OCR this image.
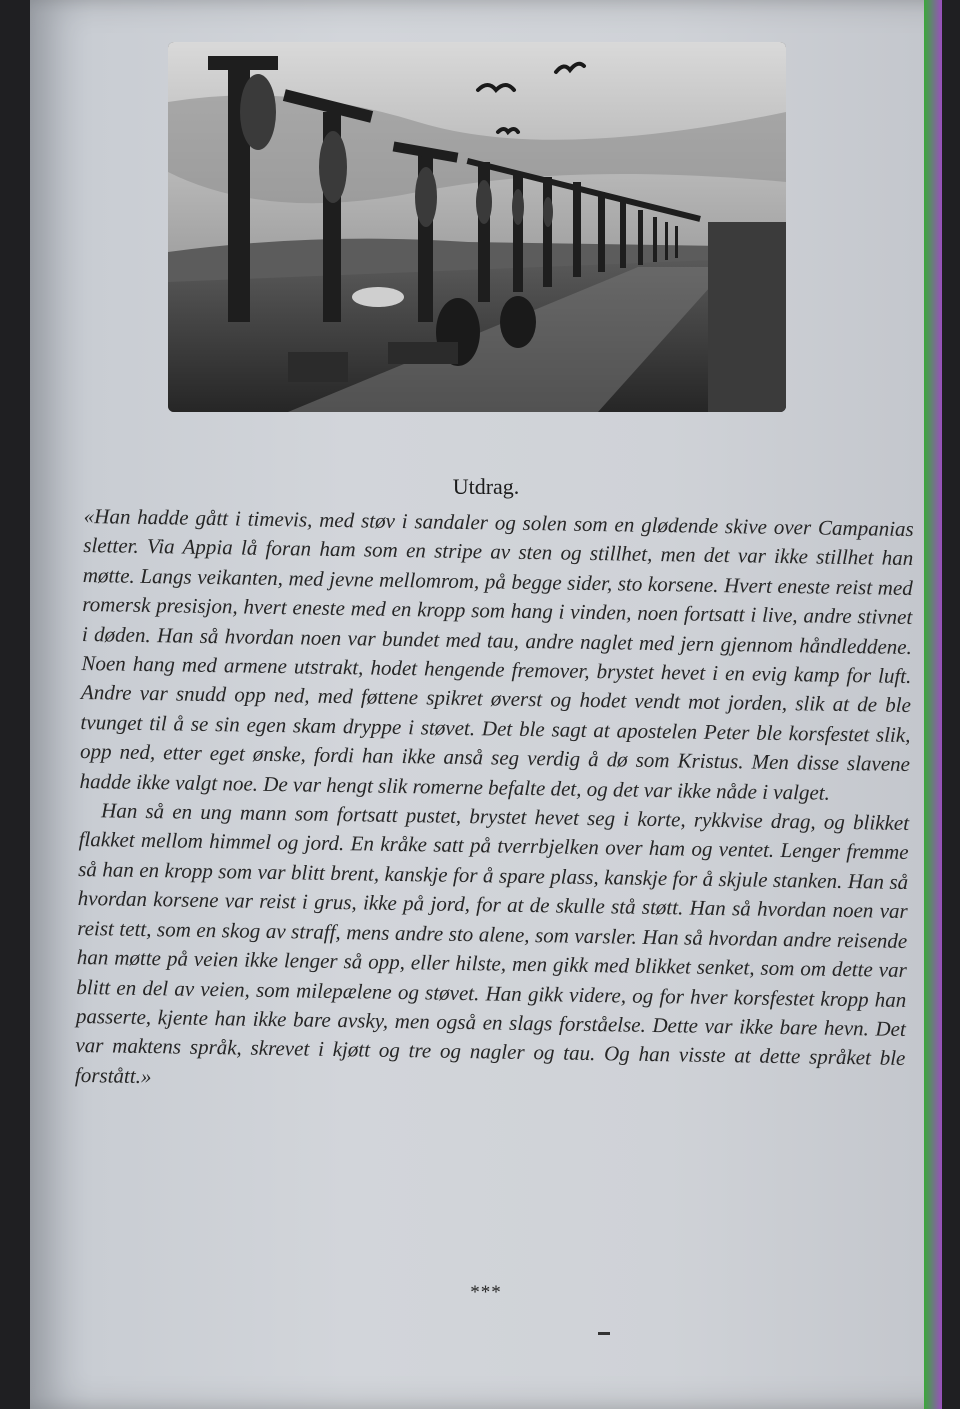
Utdrag.

«Han hadde gått i timevis, med støv i sandaler og solen som en glødende skive over Campanias sletter. Via Appia lå foran ham som en stripe av sten og stillhet, men det var ikke stillhet han møtte. Langs veikanten, med jevne mellomrom, på begge sider, sto korsene. Hvert eneste reist med romersk presisjon, hvert eneste med en kropp som hang i vinden, noen fortsatt i live, andre stivnet i døden. Han så hvordan noen var bundet med tau, andre naglet med jern gjennom håndleddene. Noen hang med armene utstrakt, hodet hengende fremover, brystet hevet i en evig kamp for luft. Andre var snudd opp ned, med føttene spikret øverst og hodet vendt mot jorden, slik at de ble tvunget til å se sin egen skam dryppe i støvet. Det ble sagt at apostelen Peter ble korsfestet slik, opp ned, etter eget ønske, fordi han ikke anså seg verdig å dø som Kristus. Men disse slavene hadde ikke valgt noe. De var hengt slik romerne befalte det, og det var ikke nåde i valget.

Han så en ung mann som fortsatt pustet, brystet hevet seg i korte, rykkvise drag, og blikket flakket mellom himmel og jord. En kråke satt på tverrbjelken over ham og ventet. Lenger fremme så han en kropp som var blitt brent, kanskje for å spare plass, kanskje for å skjule stanken. Han så hvordan korsene var reist i grus, ikke på jord, for at de skulle stå støtt. Han så hvordan noen var reist tett, som en skog av straff, mens andre sto alene, som varsler. Han så hvordan andre reisende han møtte på veien ikke lenger så opp, eller hilste, men gikk med blikket senket, som om dette var blitt en del av veien, som milepælene og støvet. Han gikk videre, og for hver korsfestet kropp han passerte, kjente han ikke bare avsky, men også en slags forståelse. Dette var ikke bare hevn. Det var maktens språk, skrevet i kjøtt og tre og nagler og tau. Og han visste at dette språket ble forstått.»

***
